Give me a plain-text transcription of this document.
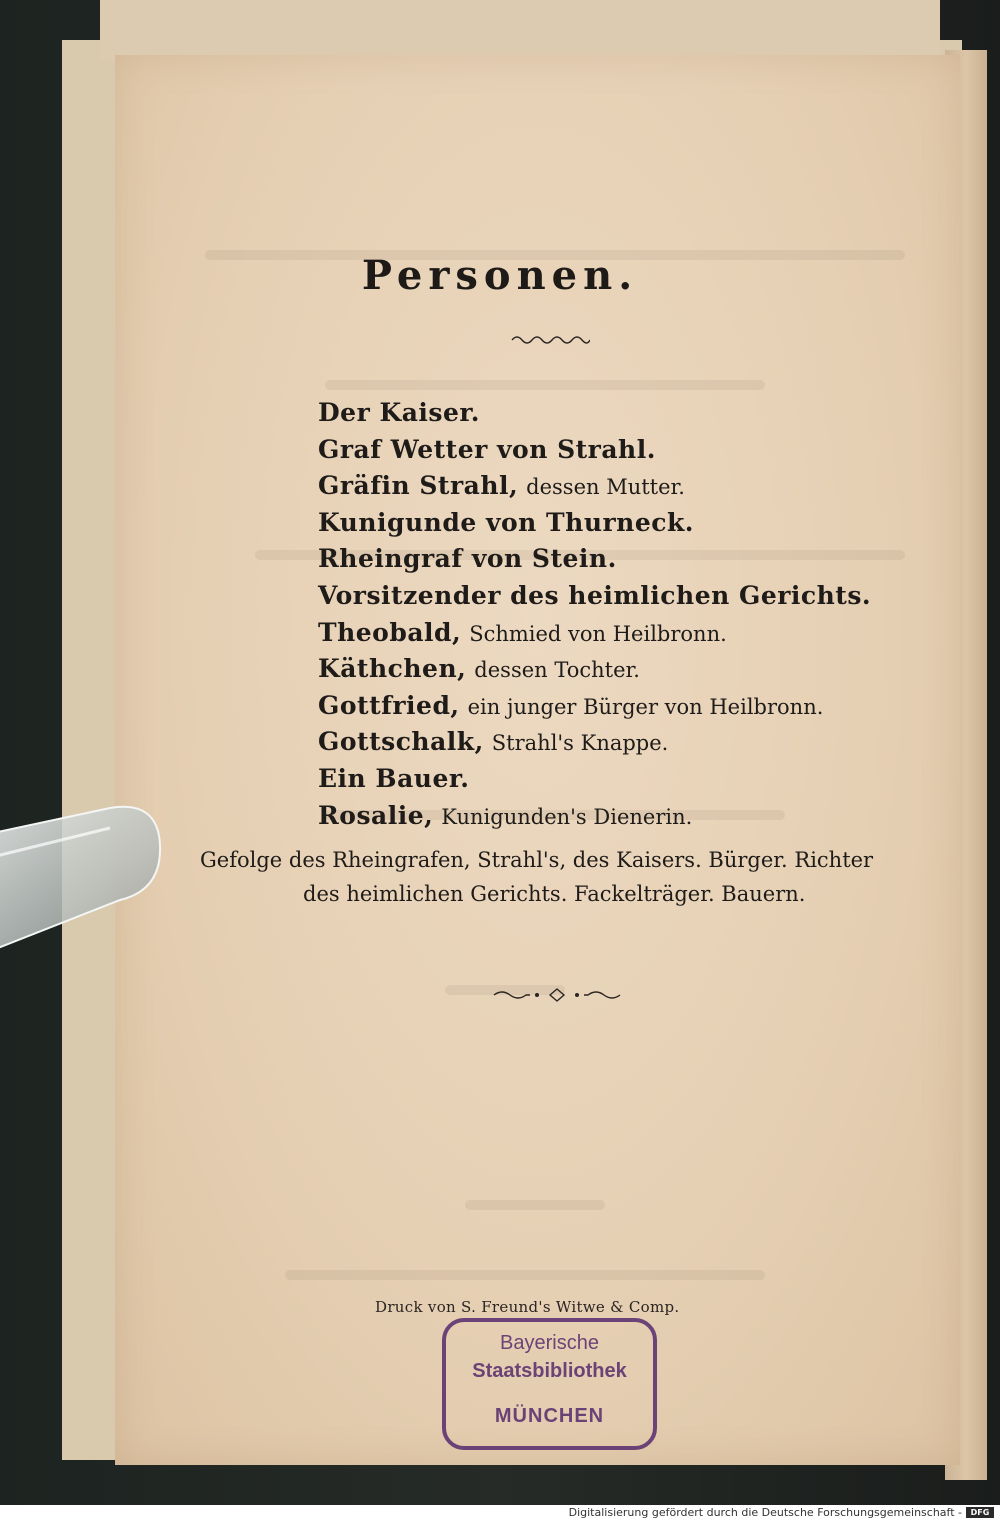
Personen.
Der Kaiser.
Graf Wetter von Strahl.
Gräfin Strahl, dessen Mutter.
Kunigunde von Thurneck.
Rheingraf von Stein.
Vorsitzender des heimlichen Gerichts.
Theobald, Schmied von Heilbronn.
Käthchen, dessen Tochter.
Gottfried, ein junger Bürger von Heilbronn.
Gottschalk, Strahl's Knappe.
Ein Bauer.
Rosalie, Kunigunden's Dienerin.
Gefolge des Rheingrafen, Strahl's, des Kaisers. Bürger. Richter
des heimlichen Gerichts. Fackelträger. Bauern.
Druck von S. Freund's Witwe & Comp.
Bayerische
Staatsbibliothek
MÜNCHEN
Digitalisierung gefördert durch die Deutsche Forschungsgemeinschaft -	DFG
